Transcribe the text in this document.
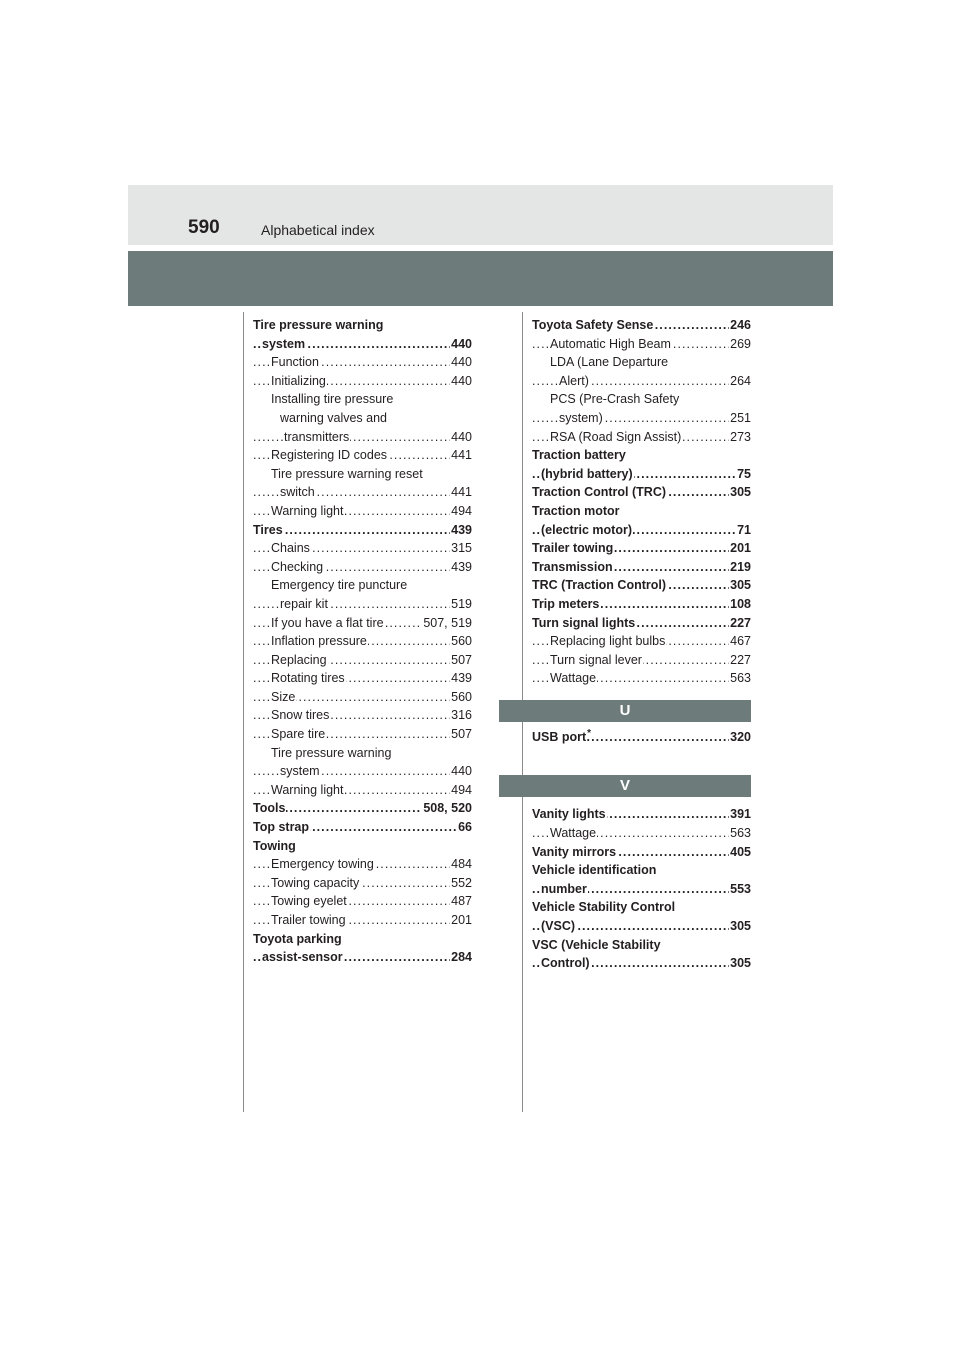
590	Alphabetical index
Tire pressure warning
. . . system	440
. . . Function	440
. . . Initializing	440
Installing tire pressure
warning valves and
. . . transmitters	440
. . . Registering ID codes	441
Tire pressure warning reset
. . . switch	441
. . . Warning light	494
. . . Tires	439
. . . Chains	315
. . . Checking	439
Emergency tire puncture
. . . repair kit	519
. . . If you have a flat tire	507, 519
. . . Inflation pressure	560
. . . Replacing	507
. . . Rotating tires	439
. . . Size	560
. . . Snow tires	316
. . . Spare tire	507
Tire pressure warning
. . . system	440
. . . Warning light	494
. . . Tools	508, 520
. . . Top strap	66
Towing
. . . Emergency towing	484
. . . Towing capacity	552
. . . Towing eyelet	487
. . . Trailer towing	201
Toyota parking
. . . assist-sensor	284
. . . Toyota Safety Sense	246
. . . Automatic High Beam	269
LDA (Lane Departure
. . . Alert)	264
PCS (Pre-Crash Safety
. . . system)	251
. . . RSA (Road Sign Assist)	273
Traction battery
. . . (hybrid battery)	75
. . . Traction Control (TRC)	305
Traction motor
. . . (electric motor)	71
. . . Trailer towing	201
. . . Transmission	219
. . . TRC (Traction Control)	305
. . . Trip meters	108
. . . Turn signal lights	227
. . . Replacing light bulbs	467
. . . Turn signal lever	227
. . . Wattage	563
U
. . . USB port*	320
V
. . . Vanity lights	391
. . . Wattage	563
. . . Vanity mirrors	405
Vehicle identification
. . . number	553
Vehicle Stability Control
. . . (VSC)	305
VSC (Vehicle Stability
. . . Control)	305
